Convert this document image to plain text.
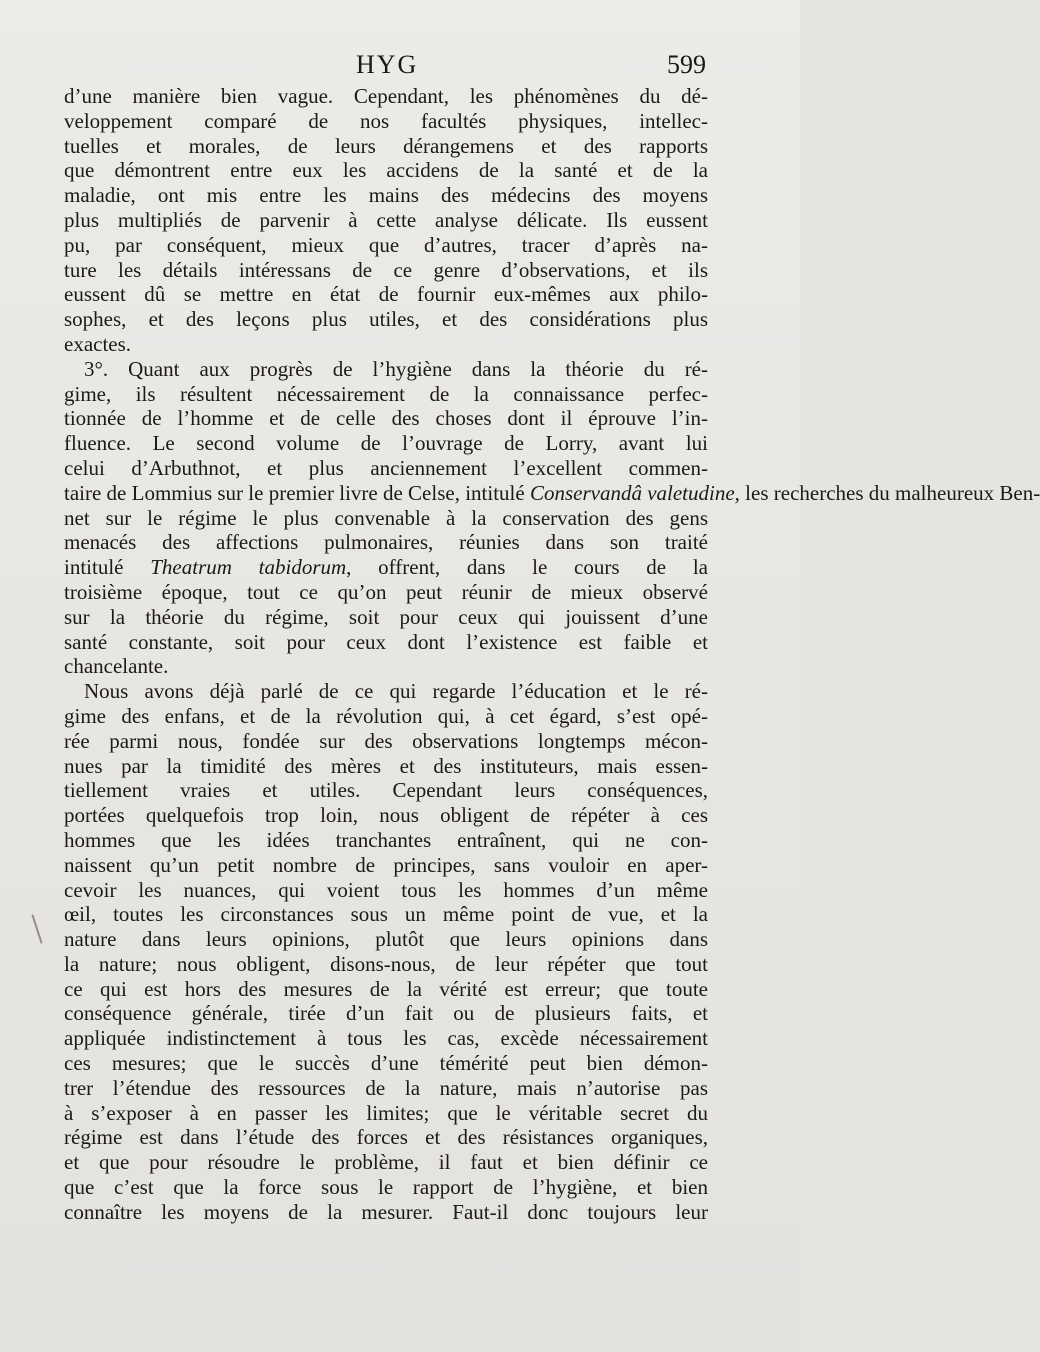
HYG	599
d’une manière bien vague. Cependant, les phénomènes du dé-
veloppement comparé de nos facultés physiques, intellec-
tuelles et morales, de leurs dérangemens et des rapports
que démontrent entre eux les accidens de la santé et de la
maladie, ont mis entre les mains des médecins des moyens
plus multipliés de parvenir à cette analyse délicate. Ils eussent
pu, par conséquent, mieux que d’autres, tracer d’après na-
ture les détails intéressans de ce genre d’observations, et ils
eussent dû se mettre en état de fournir eux-mêmes aux philo-
sophes, et des leçons plus utiles, et des considérations plus
exactes.
3°. Quant aux progrès de l’hygiène dans la théorie du ré-
gime, ils résultent nécessairement de la connaissance perfec-
tionnée de l’homme et de celle des choses dont il éprouve l’in-
fluence. Le second volume de l’ouvrage de Lorry, avant lui
celui d’Arbuthnot, et plus anciennement l’excellent commen-
taire de Lommius sur le premier livre de Celse, intitulé Conservandâ valetudine, les recherches du malheureux Ben-
net sur le régime le plus convenable à la conservation des gens
menacés des affections pulmonaires, réunies dans son traité
intitulé Theatrum tabidorum, offrent, dans le cours de la
troisième époque, tout ce qu’on peut réunir de mieux observé
sur la théorie du régime, soit pour ceux qui jouissent d’une
santé constante, soit pour ceux dont l’existence est faible et
chancelante.
Nous avons déjà parlé de ce qui regarde l’éducation et le ré-
gime des enfans, et de la révolution qui, à cet égard, s’est opé-
rée parmi nous, fondée sur des observations longtemps mécon-
nues par la timidité des mères et des instituteurs, mais essen-
tiellement vraies et utiles. Cependant leurs conséquences,
portées quelquefois trop loin, nous obligent de répéter à ces
hommes que les idées tranchantes entraînent, qui ne con-
naissent qu’un petit nombre de principes, sans vouloir en aper-
cevoir les nuances, qui voient tous les hommes d’un même
œil, toutes les circonstances sous un même point de vue, et la
nature dans leurs opinions, plutôt que leurs opinions dans
la nature; nous obligent, disons-nous, de leur répéter que tout
ce qui est hors des mesures de la vérité est erreur; que toute
conséquence générale, tirée d’un fait ou de plusieurs faits, et
appliquée indistinctement à tous les cas, excède nécessairement
ces mesures; que le succès d’une témérité peut bien démon-
trer l’étendue des ressources de la nature, mais n’autorise pas
à s’exposer à en passer les limites; que le véritable secret du
régime est dans l’étude des forces et des résistances organiques,
et que pour résoudre le problème, il faut et bien définir ce
que c’est que la force sous le rapport de l’hygiène, et bien
connaître les moyens de la mesurer. Faut-il donc toujours leur
